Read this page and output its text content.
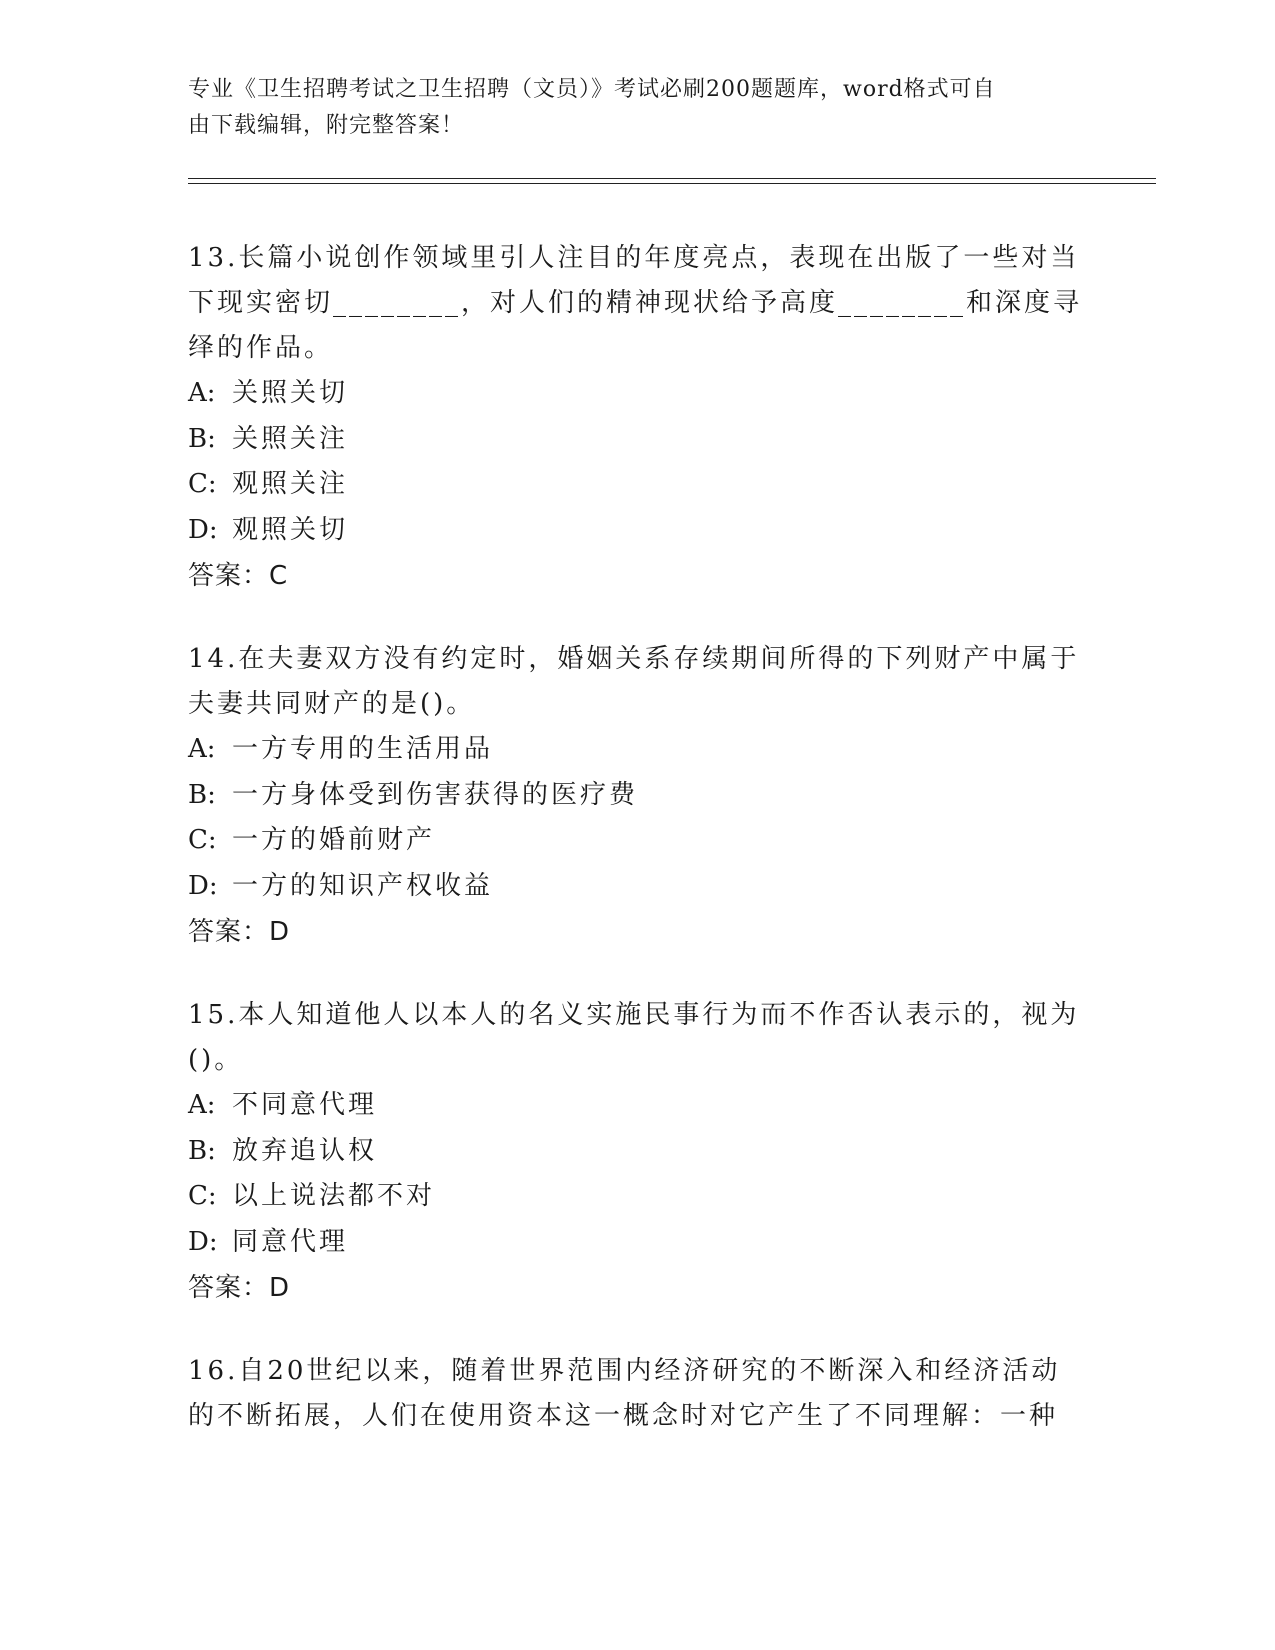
专业《卫生招聘考试之卫生招聘（文员）》考试必刷200题题库，word格式可自
由下载编辑，附完整答案！

13.长篇小说创作领域里引人注目的年度亮点，表现在出版了一些对当

下现实密切________，对人们的精神现状给予高度________和深度寻

绎的作品。

A: 关照关切

B: 关照关注

C: 观照关注

D: 观照关切

答案：C

14.在夫妻双方没有约定时，婚姻关系存续期间所得的下列财产中属于

夫妻共同财产的是()。

A: 一方专用的生活用品

B: 一方身体受到伤害获得的医疗费

C: 一方的婚前财产

D: 一方的知识产权收益

答案：D

15.本人知道他人以本人的名义实施民事行为而不作否认表示的，视为

()。

A: 不同意代理

B: 放弃追认权

C: 以上说法都不对

D: 同意代理

答案：D

16.自20世纪以来，随着世界范围内经济研究的不断深入和经济活动

的不断拓展，人们在使用资本这一概念时对它产生了不同理解：一种
